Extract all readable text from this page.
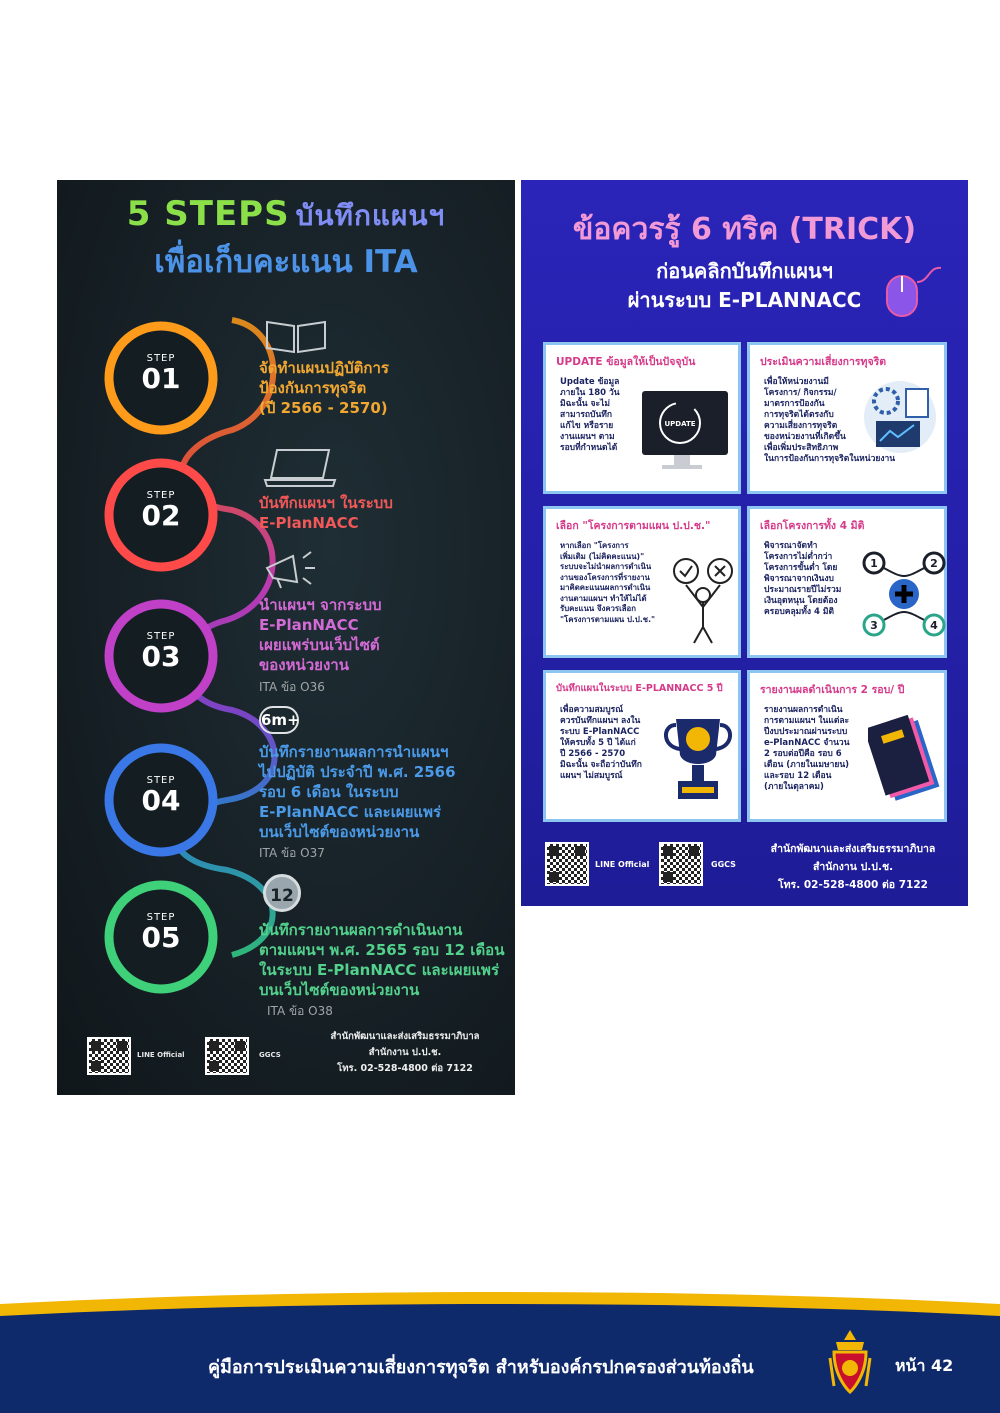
5 STEPS บันทึกแผนฯ
เพื่อเก็บคะแนน ITA
STEP
01
STEP
02
STEP
03
STEP
04
STEP
05
จัดทำแผนปฏิบัติการ
ป้องกันการทุจริต
(ปี 2566 - 2570)
บันทึกแผนฯ ในระบบ
E-PlanNACC
นำแผนฯ จากระบบ
E-PlanNACC
เผยแพร่บนเว็บไซต์
ของหน่วยงาน
ITA ข้อ O36
6m+
บันทึกรายงานผลการนำแผนฯ
ไปปฏิบัติ ประจำปี พ.ศ. 2566
รอบ 6 เดือน ในระบบ
E-PlanNACC และเผยแพร่
บนเว็บไซต์ของหน่วยงาน
ITA ข้อ O37
12
บันทึกรายงานผลการดำเนินงาน
ตามแผนฯ พ.ศ. 2565 รอบ 12 เดือน
ในระบบ E-PlanNACC และเผยแพร่
บนเว็บไซต์ของหน่วยงาน
ITA ข้อ O38
LINE Official	GGCS
สำนักพัฒนาและส่งเสริมธรรมาภิบาล
สำนักงาน ป.ป.ช.
โทร. 02-528-4800 ต่อ 7122
ข้อควรรู้ 6 ทริค (TRICK)
ก่อนคลิกบันทึกแผนฯ
ผ่านระบบ E-PLANNACC
UPDATE ข้อมูลให้เป็นปัจจุบัน
Update ข้อมูล
ภายใน 180 วัน
มิฉะนั้น จะไม่
สามารถบันทึก
แก้ไข หรือราย
งานแผนฯ ตาม
รอบที่กำหนดได้
UPDATE
ประเมินความเสี่ยงการทุจริต
เพื่อให้หน่วยงานมี
โครงการ/ กิจกรรม/
มาตรการป้องกัน
การทุจริตได้ตรงกับ
ความเสี่ยงการทุจริต
ของหน่วยงานที่เกิดขึ้น
เพื่อเพิ่มประสิทธิภาพ
ในการป้องกันการทุจริตในหน่วยงาน
เลือก "โครงการตามแผน ป.ป.ช."
หากเลือก "โครงการ
เพิ่มเติม (ไม่คิดคะแนน)"
ระบบจะไม่นำผลการดำเนิน
งานของโครงการที่รายงาน
มาคิดคะแนนผลการดำเนิน
งานตามแผนฯ ทำให้ไม่ได้
รับคะแนน จึงควรเลือก
"โครงการตามแผน ป.ป.ช."
เลือกโครงการทั้ง 4 มิติ
พิจารณาจัดทำ
โครงการไม่ต่ำกว่า
โครงการขั้นต่ำ โดย
พิจารณาจากเงินงบ
ประมาณรายปีไม่รวม
เงินอุดหนุน โดยต้อง
ครอบคลุมทั้ง 4 มิติ
1	2
3	4
บันทึกแผนในระบบ E-PLANNACC 5 ปี
เพื่อความสมบูรณ์
ควรบันทึกแผนฯ ลงใน
ระบบ E-PlanNACC
ให้ครบทั้ง 5 ปี ได้แก่
ปี 2566 - 2570
มิฉะนั้น จะถือว่าบันทึก
แผนฯ ไม่สมบูรณ์
รายงานผลดำเนินการ 2 รอบ/ ปี
รายงานผลการดำเนิน
การตามแผนฯ ในแต่ละ
ปีงบประมาณผ่านระบบ
e-PlanNACC จำนวน
2 รอบต่อปีคือ รอบ 6
เดือน (ภายในเมษายน)
และรอบ 12 เดือน
(ภายในตุลาคม)
LINE Official	GGCS
สำนักพัฒนาและส่งเสริมธรรมาภิบาล
สำนักงาน ป.ป.ช.
โทร. 02-528-4800 ต่อ 7122
คู่มือการประเมินความเสี่ยงการทุจริต สำหรับองค์กรปกครองส่วนท้องถิ่น	หน้า 42
